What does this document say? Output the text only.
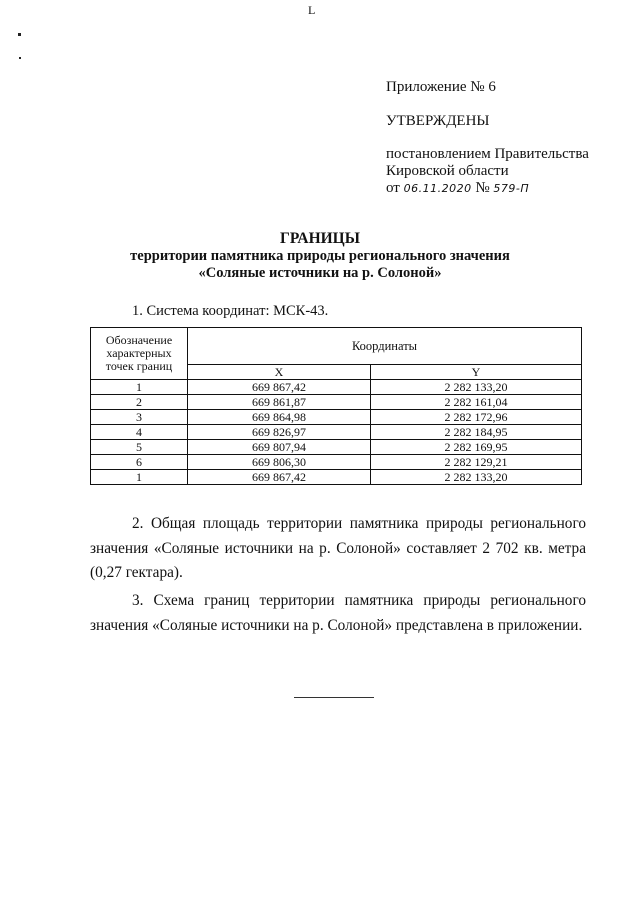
L
Приложение № 6
УТВЕРЖДЕНЫ
постановлением Правительства
Кировской области
от 06.11.2020 № 579-П
ГРАНИЦЫ
территории памятника природы регионального значения
«Соляные источники на р. Солоной»
1. Система координат: МСК-43.
Обозначение характерных точек границ	Координаты	
	X	Y
1	669 867,42	2 282 133,20
2	669 861,87	2 282 161,04
3	669 864,98	2 282 172,96
4	669 826,97	2 282 184,95
5	669 807,94	2 282 169,95
6	669 806,30	2 282 129,21
1	669 867,42	2 282 133,20
2. Общая площадь территории памятника природы регионального значения «Соляные источники на р. Солоной» составляет 2 702 кв. метра (0,27 гектара).
3. Схема границ территории памятника природы регионального значения «Соляные источники на р. Солоной» представлена в приложении.
